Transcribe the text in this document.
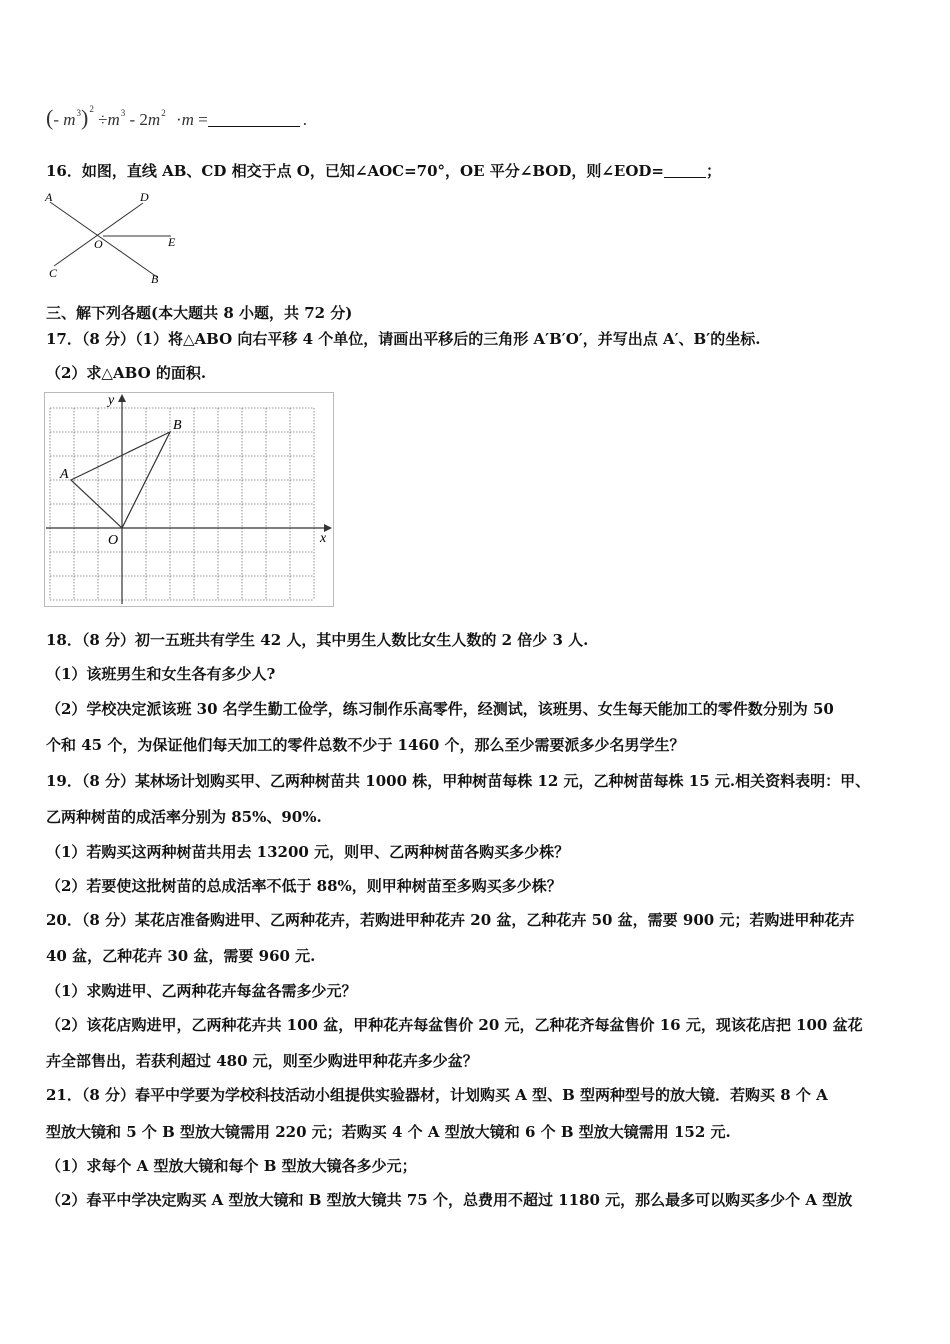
(- $m^3)^2 \div m^3 - 2m^2 \cdot m$ =	.
16．如图，直线 AB、CD 相交于点 O，已知∠AOC=70°，OE 平分∠BOD，则∠EOD=	；
A	D
O	E
C	B
三、解下列各题(本大题共 8 小题，共 72 分)
17．（8 分）（1）将△ABO 向右平移 4 个单位，请画出平移后的三角形 A′B′O′，并写出点 A′、B′的坐标.
（2）求△ABO 的面积.
y
x
A
B
O
18．（8 分）初一五班共有学生 42 人，其中男生人数比女生人数的 2 倍少 3 人.
（1）该班男生和女生各有多少人?
（2）学校决定派该班 30 名学生勤工俭学，练习制作乐高零件，经测试，该班男、女生每天能加工的零件数分别为 50
个和 45 个，为保证他们每天加工的零件总数不少于 1460 个，那么至少需要派多少名男学生？
19．（8 分）某林场计划购买甲、乙两种树苗共 1000 株，甲种树苗每株 12 元，乙种树苗每株 15 元.相关资料表明：甲、
乙两种树苗的成活率分别为 85%、90%.
（1）若购买这两种树苗共用去 13200 元，则甲、乙两种树苗各购买多少株？
（2）若要使这批树苗的总成活率不低于 88%，则甲种树苗至多购买多少株？
20．（8 分）某花店准备购进甲、乙两种花卉，若购进甲种花卉 20 盆，乙种花卉 50 盆，需要 900 元；若购进甲种花卉
40 盆，乙种花卉 30 盆，需要 960 元.
（1）求购进甲、乙两种花卉每盆各需多少元？
（2）该花店购进甲，乙两种花卉共 100 盆，甲种花卉每盆售价 20 元，乙种花齐每盆售价 16 元，现该花店把 100 盆花
卉全部售出，若获利超过 480 元，则至少购进甲种花卉多少盆？
21．（8 分）春平中学要为学校科技活动小组提供实验器材，计划购买 A 型、B 型两种型号的放大镜．若购买 8 个 A
型放大镜和 5 个 B 型放大镜需用 220 元；若购买 4 个 A 型放大镜和 6 个 B 型放大镜需用 152 元.
（1）求每个 A 型放大镜和每个 B 型放大镜各多少元；
（2）春平中学决定购买 A 型放大镜和 B 型放大镜共 75 个，总费用不超过 1180 元，那么最多可以购买多少个 A 型放
